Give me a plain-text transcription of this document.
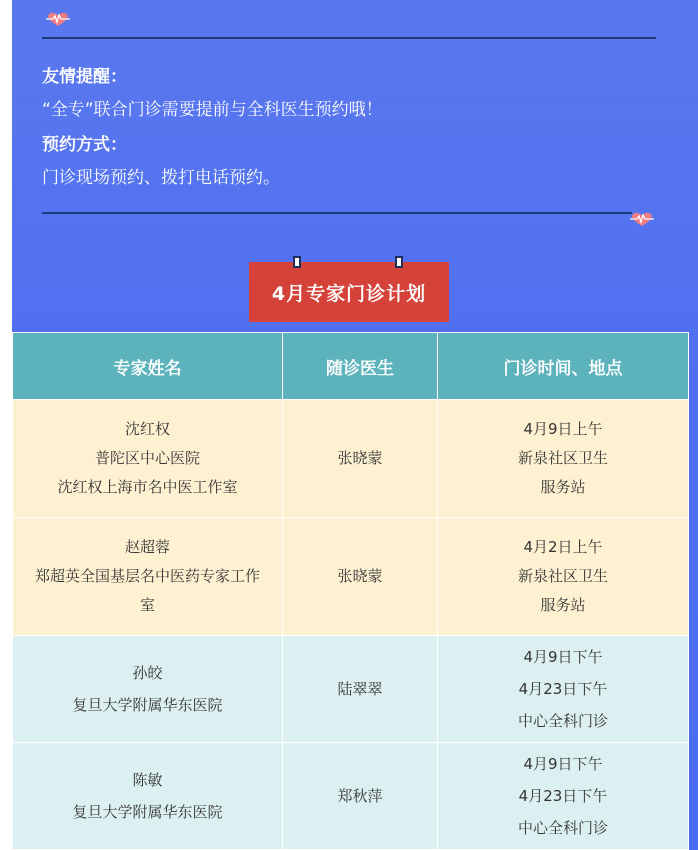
友情提醒：
“全专”联合门诊需要提前与全科医生预约哦！
预约方式：
门诊现场预约、拨打电话预约。
4月专家门诊计划
专家姓名	随诊医生	门诊时间、地点

沈红权
普陀区中心医院
沈红权上海市名中医工作室	张晓蒙	4月9日上午
新泉社区卫生
服务站

赵超蓉
郑超英全国基层名中医药专家工作
室	张晓蒙	4月2日上午
新泉社区卫生
服务站

孙皎
复旦大学附属华东医院	陆翠翠	4月9日下午
4月23日下午
中心全科门诊

陈敏
复旦大学附属华东医院	郑秋萍	4月9日下午
4月23日下午
中心全科门诊
